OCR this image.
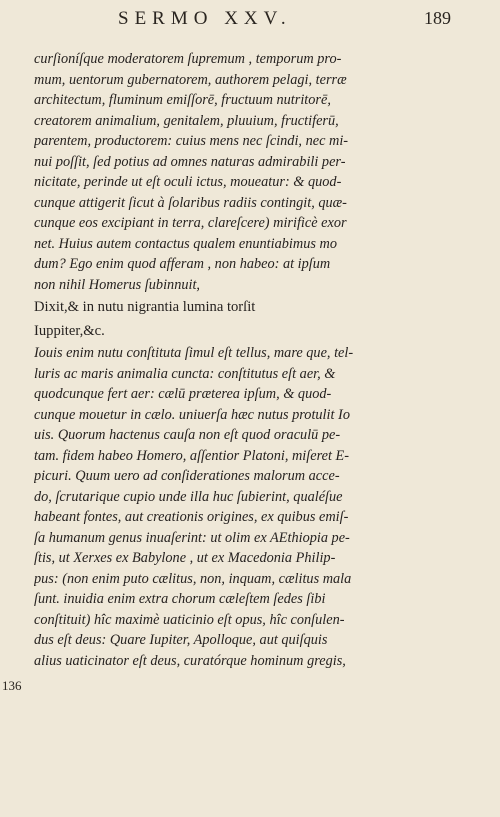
SERMO XXV.	189
curſioníſque moderatorem ſupremum , temporum pro-
mum, uentorum gubernatorem, authorem pelagi, terræ
architectum, fluminum emiſſorē, fructuum nutritorē,
creatorem animalium, genitalem, pluuium, fructiferū,
parentem, productorem: cuius mens nec ſcindi, nec mi-
nui poſſit, ſed potius ad omnes naturas admirabili per-
nicitate, perinde ut eſt oculi ictus, moueatur: & quod-
cunque attigerit ſicut à ſolaribus radiis contingit, quæ-
cunque eos excipiant in terra, clareſcere) mirificè exor
net. Huius autem contactus qualem enuntiabimus mo
dum? Ego enim quod afferam , non habeo: at ipſum
non nihil Homerus ſubinnuit,
Dixit,& in nutu nigrantia lumina torſit
Iuppiter,&c.
Iouis enim nutu conſtituta ſimul eſt tellus, mare que, tel-
luris ac maris animalia cuncta: conſtitutus eſt aer, &
quodcunque fert aer: cælū præterea ipſum, & quod-
cunque mouetur in cælo. uniuerſa hæc nutus protulit Io
uis. Quorum hactenus cauſa non eſt quod oraculū pe-
tam. fidem habeo Homero, aſſentior Platoni, miſeret E-
picuri. Quum uero ad conſiderationes malorum acce-
do, ſcrutarique cupio unde illa huc ſubierint, qualéſue
habeant fontes, aut creationis origines, ex quibus emiſ-
ſa humanum genus inuaſerint: ut olim ex AEthiopia pe-
ſtis, ut Xerxes ex Babylone , ut ex Macedonia Philip-
pus: (non enim puto cælitus, non, inquam, cælitus mala
ſunt. inuidia enim extra chorum cæleſtem ſedes ſibi
conſtituit) hîc maximè uaticinio eſt opus, hîc conſulen-
dus eſt deus: Quare Iupiter, Apolloque, aut quiſquis
alius uaticinator eſt deus, curatórque hominum gregis,
136
